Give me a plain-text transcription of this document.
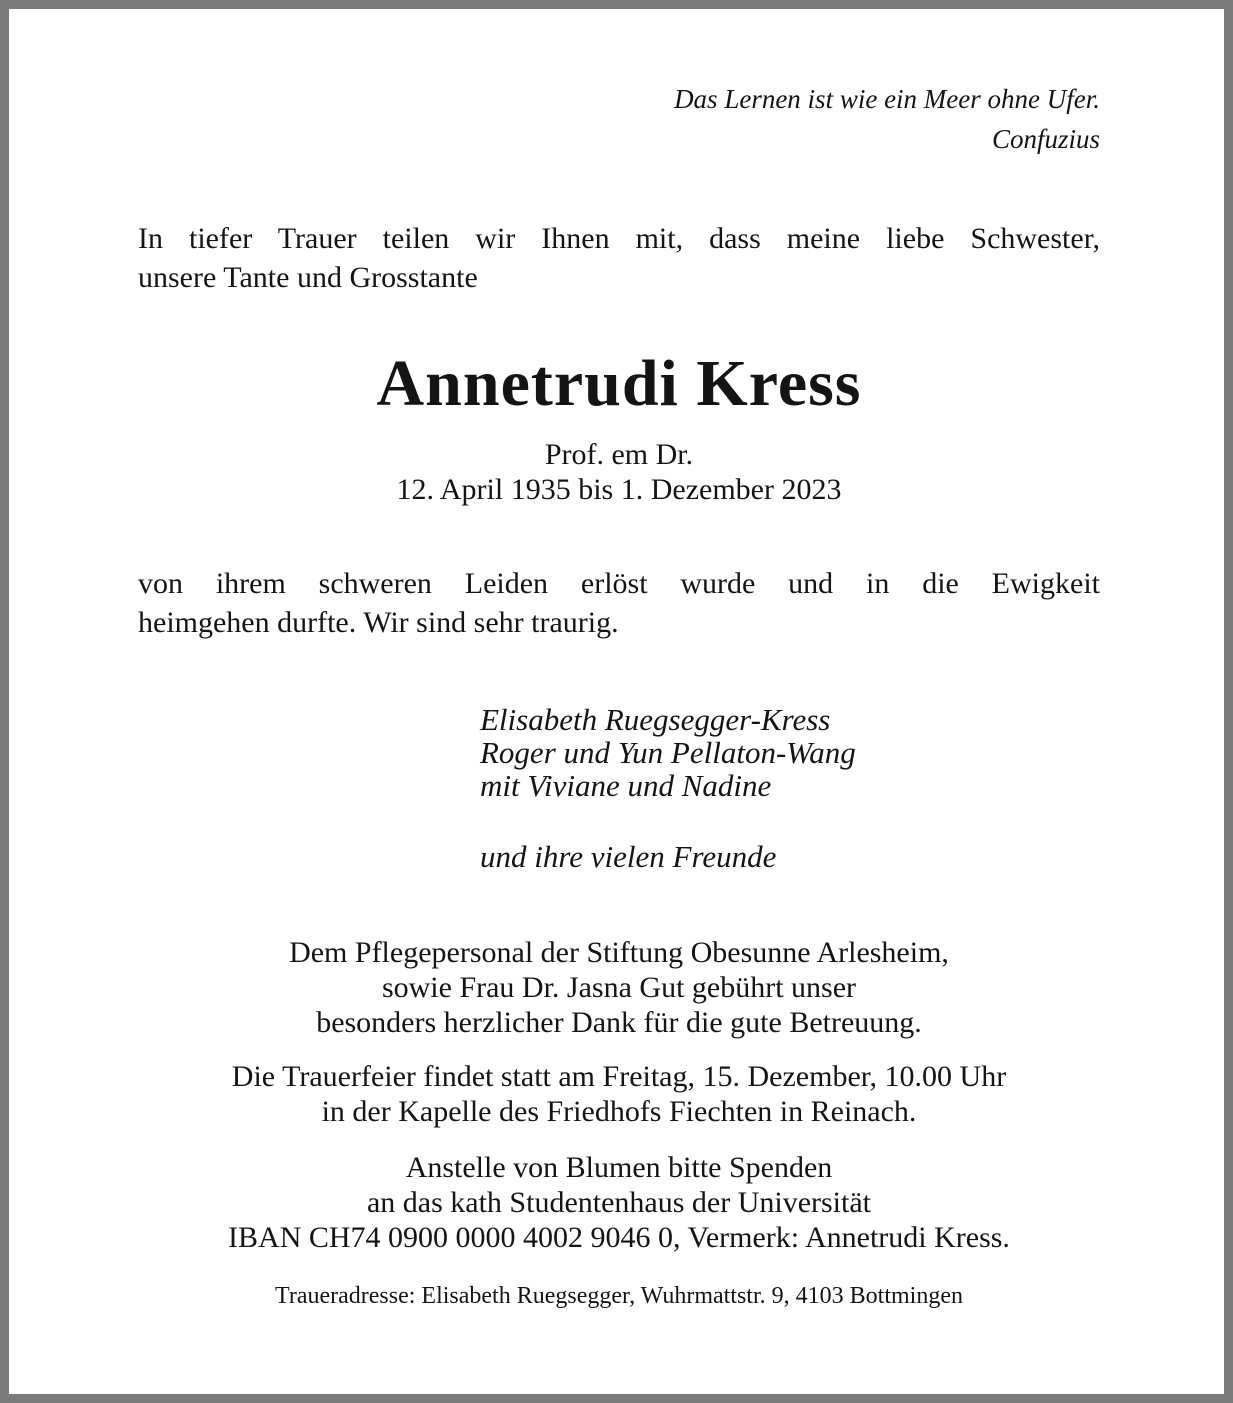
Das Lernen ist wie ein Meer ohne Ufer.
Confuzius
In tiefer Trauer teilen wir Ihnen mit, dass meine liebe Schwester,
unsere Tante und Grosstante
Annetrudi Kress
Prof. em Dr.
12. April 1935 bis 1. Dezember 2023
von ihrem schweren Leiden erlöst wurde und in die Ewigkeit
heimgehen durfte. Wir sind sehr traurig.
Elisabeth Ruegsegger-Kress
Roger und Yun Pellaton-Wang
mit Viviane und Nadine
und ihre vielen Freunde
Dem Pflegepersonal der Stiftung Obesunne Arlesheim,
sowie Frau Dr. Jasna Gut gebührt unser
besonders herzlicher Dank für die gute Betreuung.
Die Trauerfeier findet statt am Freitag, 15. Dezember, 10.00 Uhr
in der Kapelle des Friedhofs Fiechten in Reinach.
Anstelle von Blumen bitte Spenden
an das kath Studentenhaus der Universität
IBAN CH74 0900 0000 4002 9046 0, Vermerk: Annetrudi Kress.
Traueradresse: Elisabeth Ruegsegger, Wuhrmattstr. 9, 4103 Bottmingen
